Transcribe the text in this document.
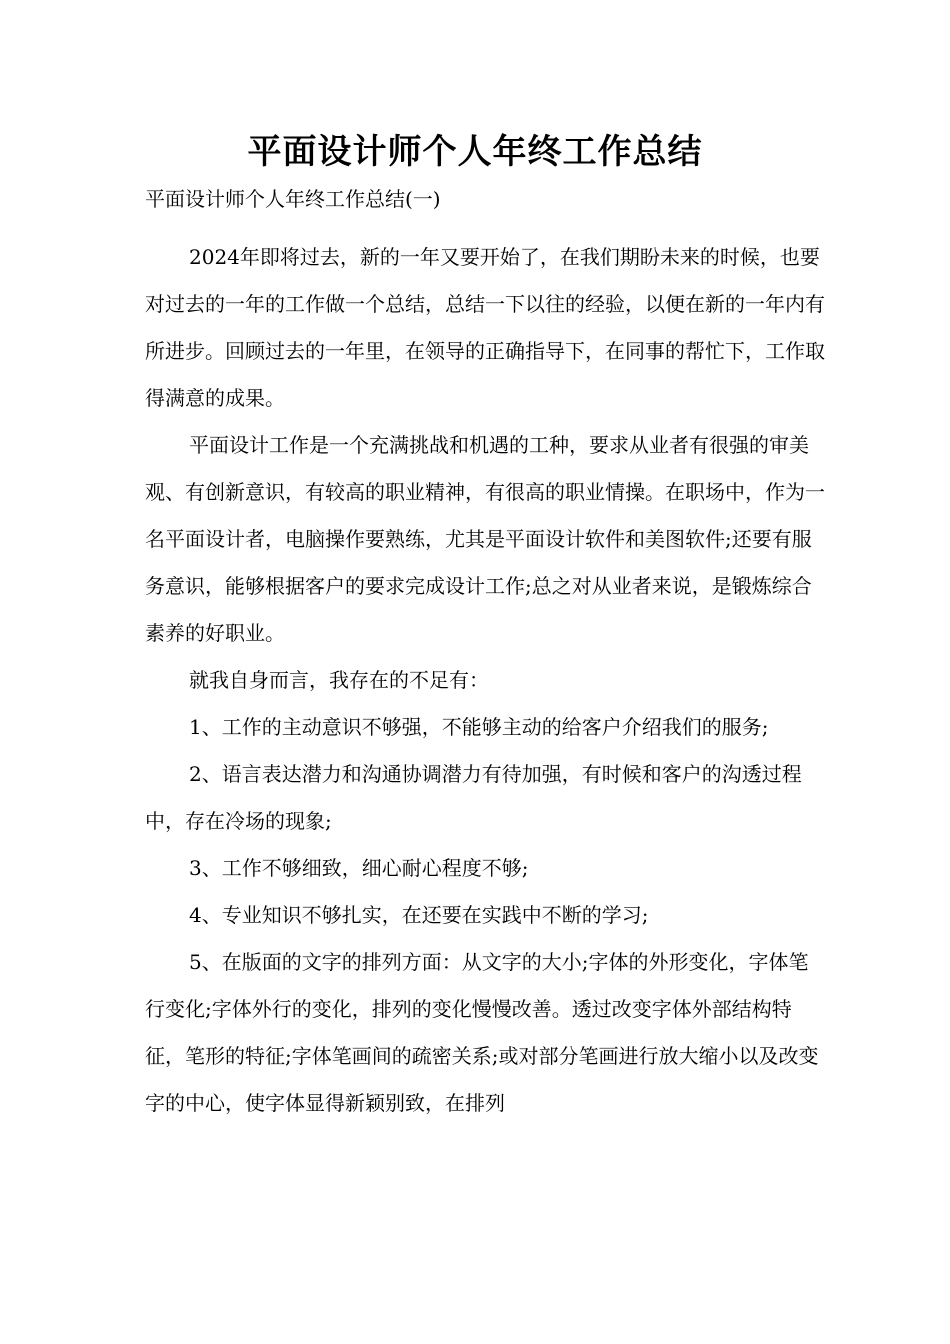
平面设计师个人年终工作总结

平面设计师个人年终工作总结(一)

2024年即将过去，新的一年又要开始了，在我们期盼未来的时候，也要对过去的一年的工作做一个总结，总结一下以往的经验，以便在新的一年内有所进步。回顾过去的一年里，在领导的正确指导下，在同事的帮忙下，工作取得满意的成果。

平面设计工作是一个充满挑战和机遇的工种，要求从业者有很强的审美观、有创新意识，有较高的职业精神，有很高的职业情操。在职场中，作为一名平面设计者，电脑操作要熟练，尤其是平面设计软件和美图软件;还要有服务意识，能够根据客户的要求完成设计工作;总之对从业者来说，是锻炼综合素养的好职业。

就我自身而言，我存在的不足有：

1、工作的主动意识不够强，不能够主动的给客户介绍我们的服务;

2、语言表达潜力和沟通协调潜力有待加强，有时候和客户的沟透过程中，存在冷场的现象;

3、工作不够细致，细心耐心程度不够;

4、专业知识不够扎实，在还要在实践中不断的学习;

5、在版面的文字的排列方面：从文字的大小;字体的外形变化，字体笔行变化;字体外行的变化，排列的变化慢慢改善。透过改变字体外部结构特征，笔形的特征;字体笔画间的疏密关系;或对部分笔画进行放大缩小以及改变字的中心，使字体显得新颖别致，在排列
